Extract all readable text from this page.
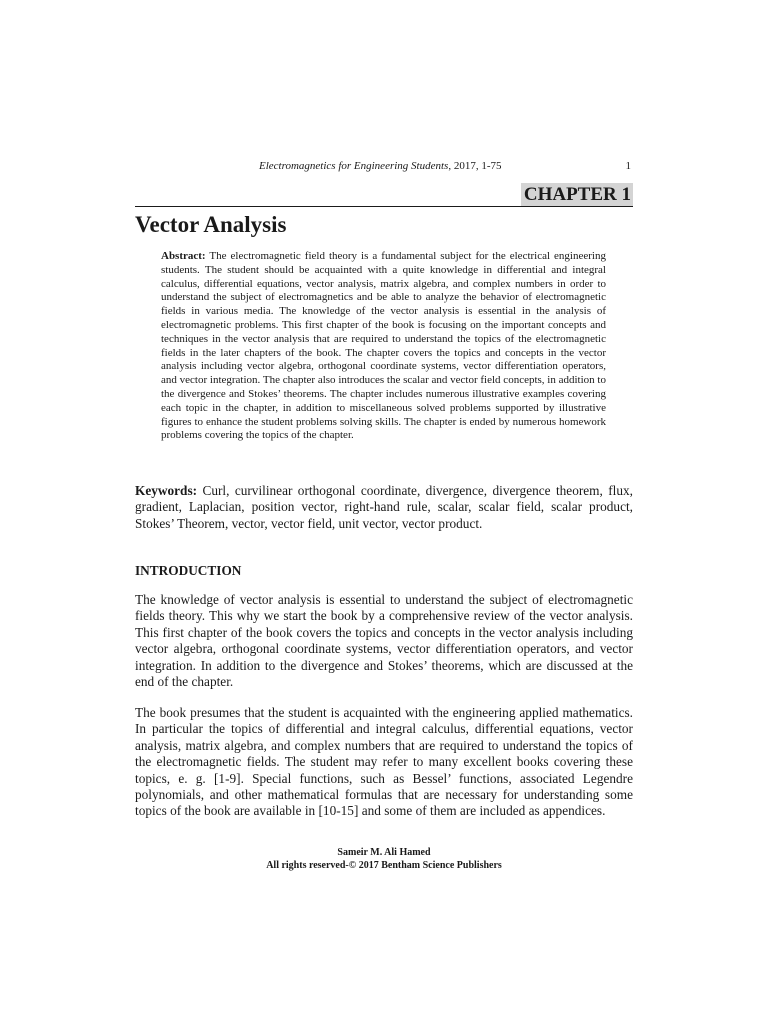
Electromagnetics for Engineering Students, 2017, 1-75	1
CHAPTER 1
Vector Analysis

Abstract: The electromagnetic field theory is a fundamental subject for the electrical engineering students. The student should be acquainted with a quite knowledge in differential and integral calculus, differential equations, vector analysis, matrix algebra, and complex numbers in order to understand the subject of electromagnetics and be able to analyze the behavior of electromagnetic fields in various media. The knowledge of the vector analysis is essential in the analysis of electromagnetic problems. This first chapter of the book is focusing on the important concepts and techniques in the vector analysis that are required to understand the topics of the electromagnetic fields in the later chapters of the book. The chapter covers the topics and concepts in the vector analysis including vector algebra, orthogonal coordinate systems, vector differentiation operators, and vector integration. The chapter also introduces the scalar and vector field concepts, in addition to the divergence and Stokes’ theorems. The chapter includes numerous illustrative examples covering each topic in the chapter, in addition to miscellaneous solved problems supported by illustrative figures to enhance the student problems solving skills. The chapter is ended by numerous homework problems covering the topics of the chapter.

Keywords: Curl, curvilinear orthogonal coordinate, divergence, divergence theorem, flux, gradient, Laplacian, position vector, right-hand rule, scalar, scalar field, scalar product, Stokes’ Theorem, vector, vector field, unit vector, vector product.

INTRODUCTION

The knowledge of vector analysis is essential to understand the subject of electromagnetic fields theory. This why we start the book by a comprehensive review of the vector analysis. This first chapter of the book covers the topics and concepts in the vector analysis including vector algebra, orthogonal coordinate systems, vector differentiation operators, and vector integration. In addition to the divergence and Stokes’ theorems, which are discussed at the end of the chapter.

The book presumes that the student is acquainted with the engineering applied mathematics. In particular the topics of differential and integral calculus, differential equations, vector analysis, matrix algebra, and complex numbers that are required to understand the topics of the electromagnetic fields. The student may refer to many excellent books covering these topics, e. g. [1-9]. Special functions, such as Bessel’ functions, associated Legendre polynomials, and other mathematical formulas that are necessary for understanding some topics of the book are available in [10-15] and some of them are included as appendices.

Sameir M. Ali Hamed
All rights reserved-© 2017 Bentham Science Publishers
